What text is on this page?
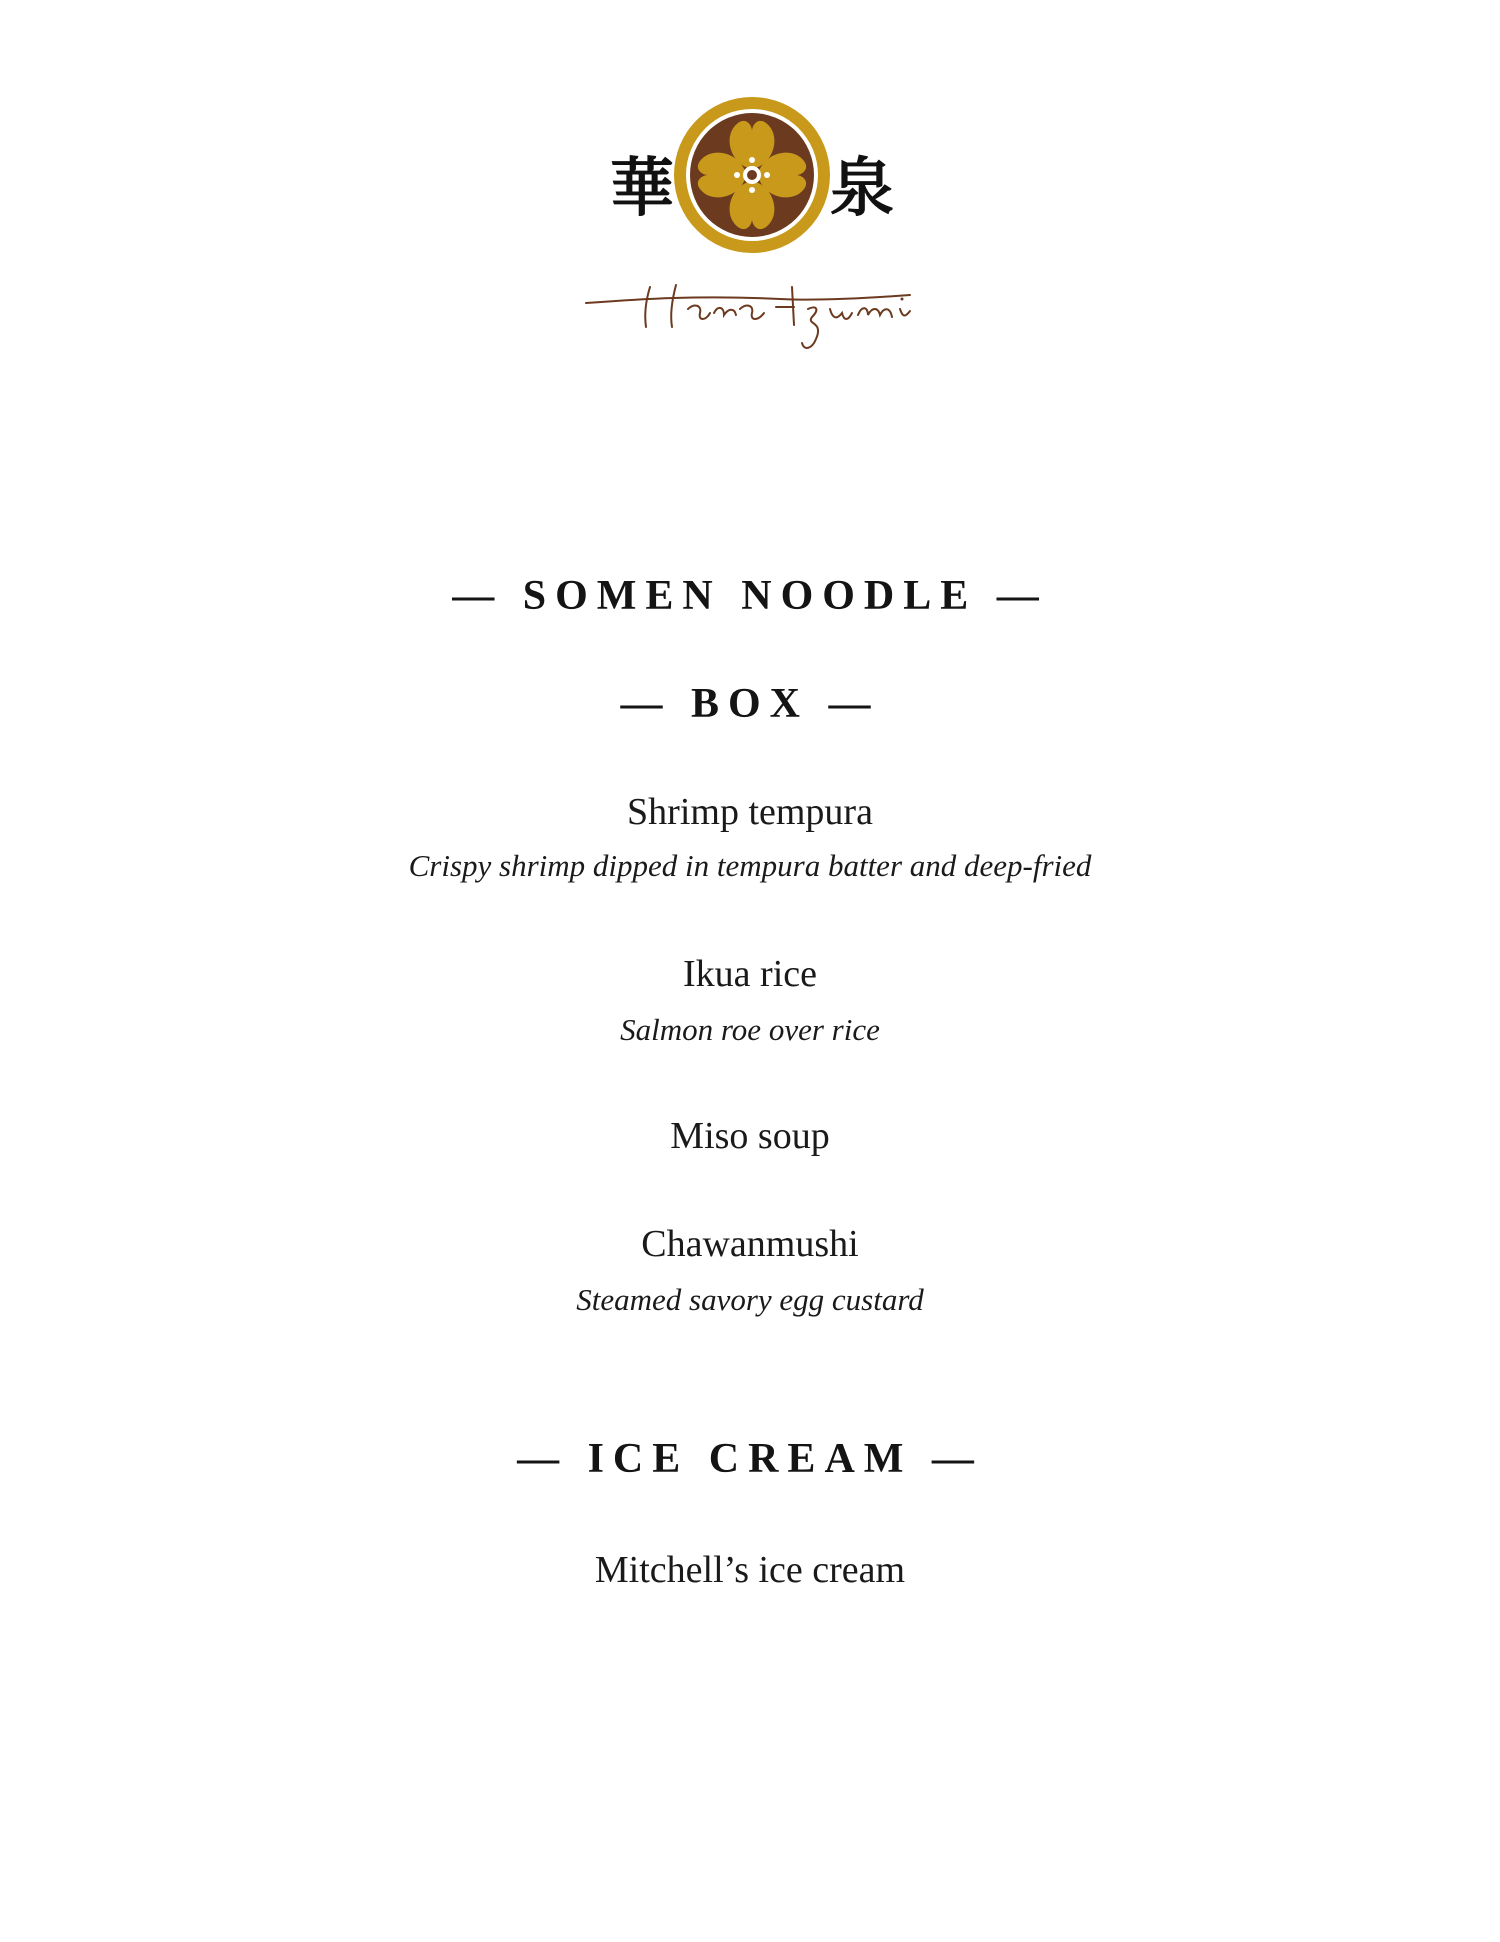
華 泉
— SOMEN NOODLE —
— BOX —
Shrimp tempura
Crispy shrimp dipped in tempura batter and deep-fried
Ikua rice
Salmon roe over rice
Miso soup
Chawanmushi
Steamed savory egg custard
— ICE CREAM —
Mitchell’s ice cream
